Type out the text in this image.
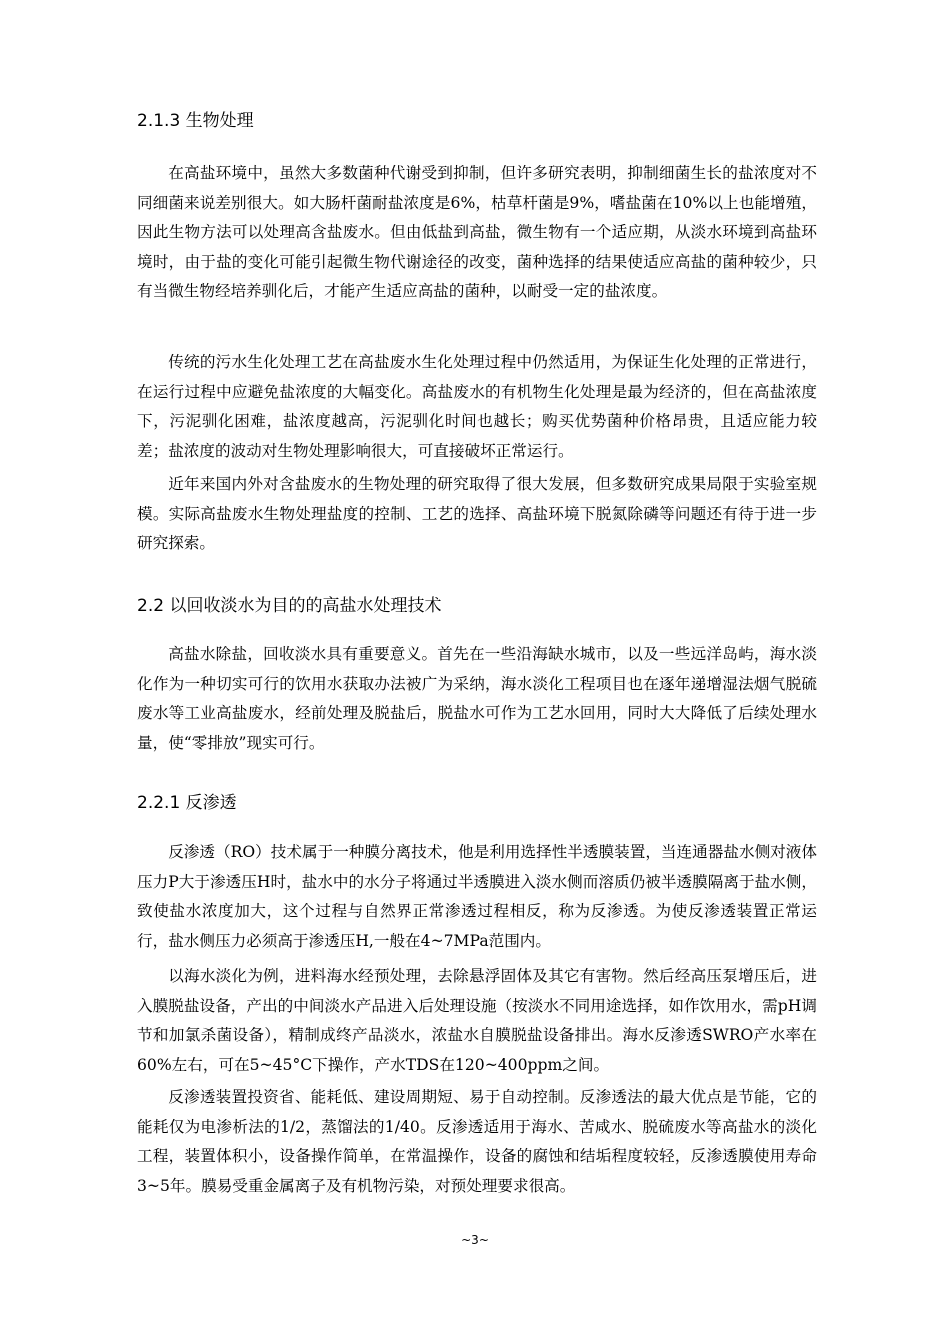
2.1.3 生物处理

在高盐环境中，虽然大多数菌种代谢受到抑制，但许多研究表明，抑制细菌生长的盐浓度对不同细菌来说差别很大。如大肠杆菌耐盐浓度是6%，枯草杆菌是9%，嗜盐菌在10%以上也能增殖，因此生物方法可以处理高含盐废水。但由低盐到高盐，微生物有一个适应期，从淡水环境到高盐环境时，由于盐的变化可能引起微生物代谢途径的改变，菌种选择的结果使适应高盐的菌种较少，只有当微生物经培养驯化后，才能产生适应高盐的菌种，以耐受一定的盐浓度。

传统的污水生化处理工艺在高盐废水生化处理过程中仍然适用，为保证生化处理的正常进行，在运行过程中应避免盐浓度的大幅变化。高盐废水的有机物生化处理是最为经济的，但在高盐浓度下，污泥驯化困难，盐浓度越高，污泥驯化时间也越长；购买优势菌种价格昂贵，且适应能力较差；盐浓度的波动对生物处理影响很大，可直接破坏正常运行。

近年来国内外对含盐废水的生物处理的研究取得了很大发展，但多数研究成果局限于实验室规模。实际高盐废水生物处理盐度的控制、工艺的选择、高盐环境下脱氮除磷等问题还有待于进一步研究探索。

2.2 以回收淡水为目的的高盐水处理技术

高盐水除盐，回收淡水具有重要意义。首先在一些沿海缺水城市，以及一些远洋岛屿，海水淡化作为一种切实可行的饮用水获取办法被广为采纳，海水淡化工程项目也在逐年递增湿法烟气脱硫废水等工业高盐废水，经前处理及脱盐后，脱盐水可作为工艺水回用，同时大大降低了后续处理水量，使“零排放”现实可行。

2.2.1 反渗透

反渗透（RO）技术属于一种膜分离技术，他是利用选择性半透膜装置，当连通器盐水侧对液体压力P大于渗透压H时，盐水中的水分子将通过半透膜进入淡水侧而溶质仍被半透膜隔离于盐水侧，致使盐水浓度加大，这个过程与自然界正常渗透过程相反，称为反渗透。为使反渗透装置正常运行，盐水侧压力必须高于渗透压H,一般在4~7MPa范围内。

以海水淡化为例，进料海水经预处理，去除悬浮固体及其它有害物。然后经高压泵增压后，进入膜脱盐设备，产出的中间淡水产品进入后处理设施（按淡水不同用途选择，如作饮用水，需pH调节和加氯杀菌设备），精制成终产品淡水，浓盐水自膜脱盐设备排出。海水反渗透SWRO产水率在60%左右，可在5~45°C下操作，产水TDS在120~400ppm之间。

反渗透装置投资省、能耗低、建设周期短、易于自动控制。反渗透法的最大优点是节能，它的能耗仅为电渗析法的1/2，蒸馏法的1/40。反渗透适用于海水、苦咸水、脱硫废水等高盐水的淡化工程，装置体积小，设备操作简单，在常温操作，设备的腐蚀和结垢程度较轻，反渗透膜使用寿命3~5年。膜易受重金属离子及有机物污染，对预处理要求很高。

~3~
